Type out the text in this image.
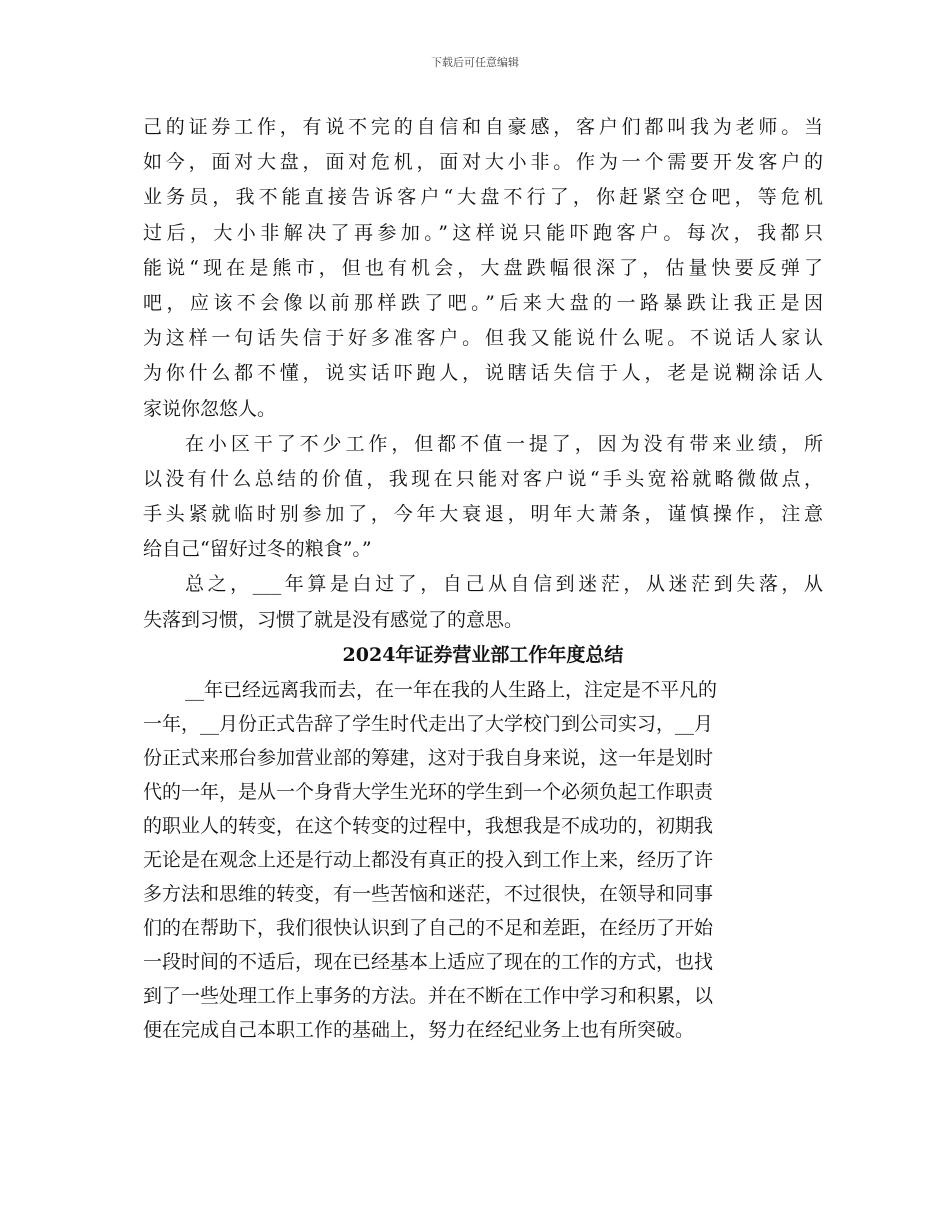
下载后可任意编辑
己的证券工作，有说不完的自信和自豪感，客户们都叫我为老师。当
如今，面对大盘，面对危机，面对大小非。作为一个需要开发客户的
业务员，我不能直接告诉客户“大盘不行了，你赶紧空仓吧，等危机
过后，大小非解决了再参加。”这样说只能吓跑客户。每次，我都只
能说“现在是熊市，但也有机会，大盘跌幅很深了，估量快要反弹了
吧，应该不会像以前那样跌了吧。”后来大盘的一路暴跌让我正是因
为这样一句话失信于好多准客户。但我又能说什么呢。不说话人家认
为你什么都不懂，说实话吓跑人，说瞎话失信于人，老是说糊涂话人
家说你忽悠人。
在小区干了不少工作，但都不值一提了，因为没有带来业绩，所
以没有什么总结的价值，我现在只能对客户说“手头宽裕就略微做点，
手头紧就临时别参加了，今年大衰退，明年大萧条，谨慎操作，注意
给自己“留好过冬的粮食”。”
总之，___年算是白过了，自己从自信到迷茫，从迷茫到失落，从
失落到习惯，习惯了就是没有感觉了的意思。
2024年证券营业部工作年度总结
__年已经远离我而去，在一年在我的人生路上，注定是不平凡的
一年，__月份正式告辞了学生时代走出了大学校门到公司实习，__月
份正式来邢台参加营业部的筹建，这对于我自身来说，这一年是划时
代的一年，是从一个身背大学生光环的学生到一个必须负起工作职责
的职业人的转变，在这个转变的过程中，我想我是不成功的，初期我
无论是在观念上还是行动上都没有真正的投入到工作上来，经历了许
多方法和思维的转变，有一些苦恼和迷茫，不过很快，在领导和同事
们的在帮助下，我们很快认识到了自己的不足和差距，在经历了开始
一段时间的不适后，现在已经基本上适应了现在的工作的方式，也找
到了一些处理工作上事务的方法。并在不断在工作中学习和积累，以
便在完成自己本职工作的基础上，努力在经纪业务上也有所突破。
